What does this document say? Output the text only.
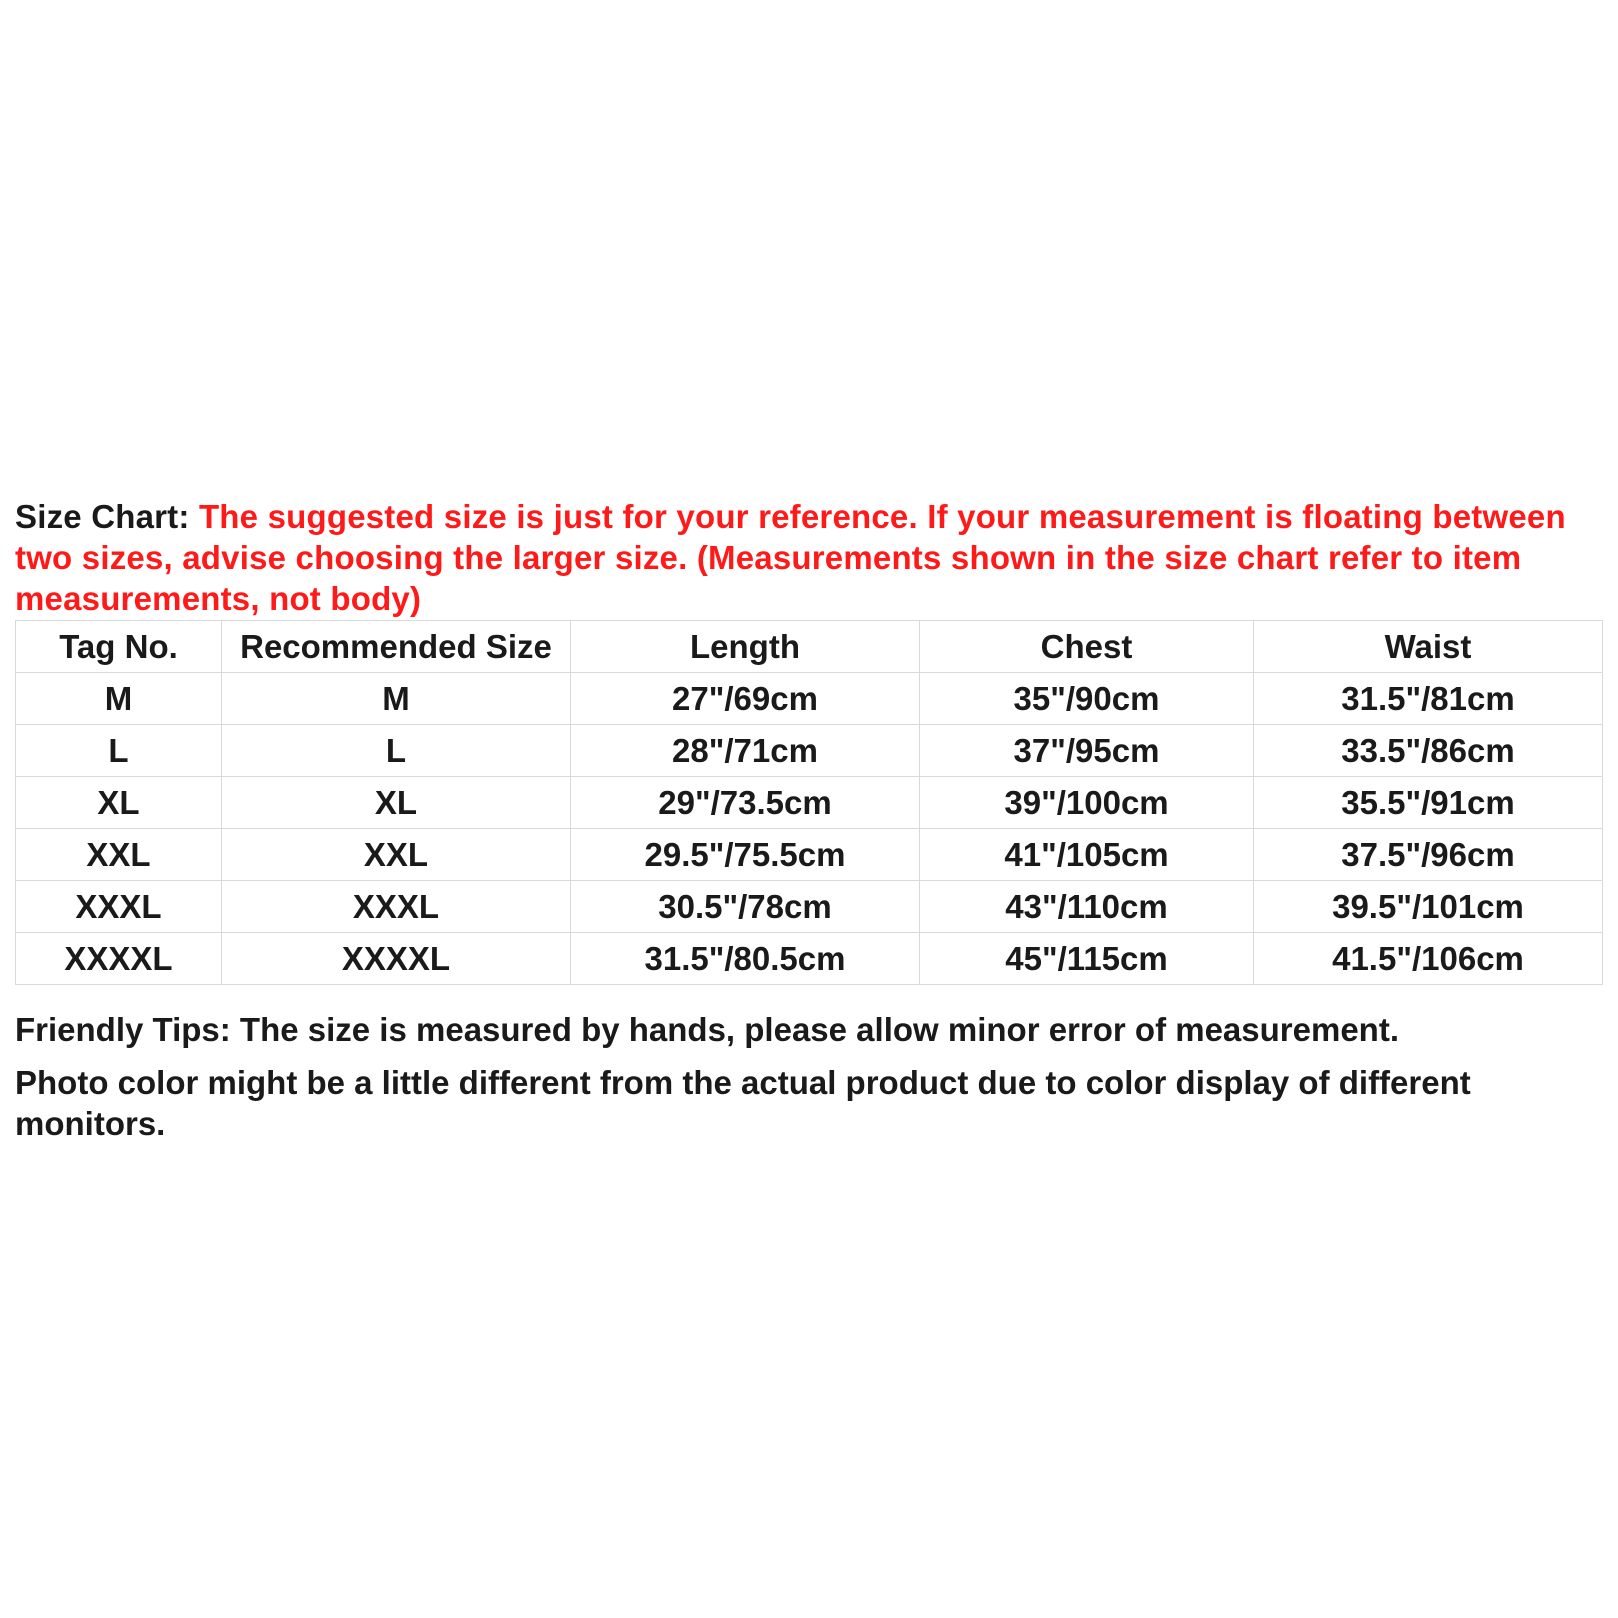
Size Chart: The suggested size is just for your reference. If your measurement is floating between two sizes, advise choosing the larger size. (Measurements shown in the size chart refer to item measurements, not body)

Tag No.	Recommended Size	Length	Chest	Waist
M	M	27"/69cm	35"/90cm	31.5"/81cm
L	L	28"/71cm	37"/95cm	33.5"/86cm
XL	XL	29"/73.5cm	39"/100cm	35.5"/91cm
XXL	XXL	29.5"/75.5cm	41"/105cm	37.5"/96cm
XXXL	XXXL	30.5"/78cm	43"/110cm	39.5"/101cm
XXXXL	XXXXL	31.5"/80.5cm	45"/115cm	41.5"/106cm

Friendly Tips: The size is measured by hands, please allow minor error of measurement.

Photo color might be a little different from the actual product due to color display of different monitors.
